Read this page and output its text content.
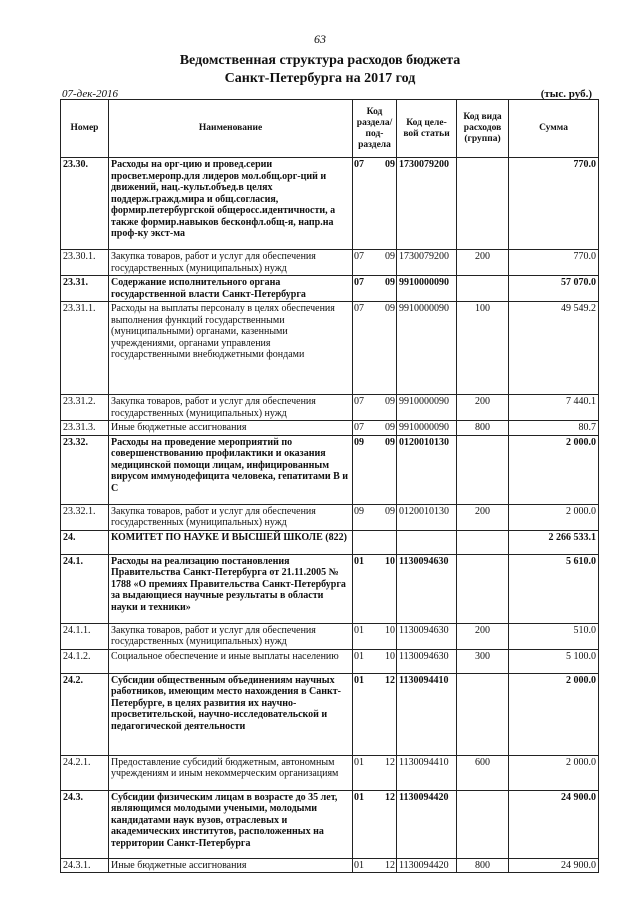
63
Ведомственная структура расходов бюджета
Санкт-Петербурга на 2017 год
07-дек-2016	(тыс. руб.)
Номер	Наименование	Код раздела/ под-раздела		Код целе-вой статьи	Код вида расходов (группа)	Сумма
23.30.	Расходы на орг-цию и провед.серии просвет.меропр.для лидеров мол.общ.орг-ций и движений, нац.-культ.объед.в целях поддерж.гражд.мира и общ.согласия, формир.петербургской общеросс.идентичности, а также формир.навыков бесконфл.общ-я, напр.на проф-ку экст-ма	07	09	1730079200		770.0
23.30.1.	Закупка товаров, работ и услуг для обеспечения государственных (муниципальных) нужд	07	09	1730079200	200	770.0
23.31.	Содержание исполнительного органа государственной власти Санкт-Петербурга	07	09	9910000090		57 070.0
23.31.1.	Расходы на выплаты персоналу в целях обеспечения выполнения функций государственными (муниципальными) органами, казенными учреждениями, органами управления государственными внебюджетными фондами	07	09	9910000090	100	49 549.2
23.31.2.	Закупка товаров, работ и услуг для обеспечения государственных (муниципальных) нужд	07	09	9910000090	200	7 440.1
23.31.3.	Иные бюджетные ассигнования	07	09	9910000090	800	80.7
23.32.	Расходы на проведение мероприятий по совершенствованию профилактики и оказания медицинской помощи лицам, инфицированным вирусом иммунодефицита человека, гепатитами В и С	09	09	0120010130		2 000.0
23.32.1.	Закупка товаров, работ и услуг для обеспечения государственных (муниципальных) нужд	09	09	0120010130	200	2 000.0
24.	КОМИТЕТ ПО НАУКЕ И ВЫСШЕЙ ШКОЛЕ (822)					2 266 533.1
24.1.	Расходы на реализацию постановления Правительства Санкт-Петербурга от 21.11.2005 № 1788 «О премиях Правительства Санкт-Петербурга за выдающиеся научные результаты в области науки и техники»	01	10	1130094630		5 610.0
24.1.1.	Закупка товаров, работ и услуг для обеспечения государственных (муниципальных) нужд	01	10	1130094630	200	510.0
24.1.2.	Социальное обеспечение и иные выплаты населению	01	10	1130094630	300	5 100.0
24.2.	Субсидии общественным объединениям научных работников, имеющим место нахождения в Санкт-Петербурге, в целях развития их научно-просветительской, научно-исследовательской и педагогической деятельности	01	12	1130094410		2 000.0
24.2.1.	Предоставление субсидий бюджетным, автономным учреждениям и иным некоммерческим организациям	01	12	1130094410	600	2 000.0
24.3.	Субсидии физическим лицам в возрасте до 35 лет, являющимся молодыми учеными, молодыми кандидатами наук вузов, отраслевых и академических институтов, расположенных на территории Санкт-Петербурга	01	12	1130094420		24 900.0
24.3.1.	Иные бюджетные ассигнования	01	12	1130094420	800	24 900.0
